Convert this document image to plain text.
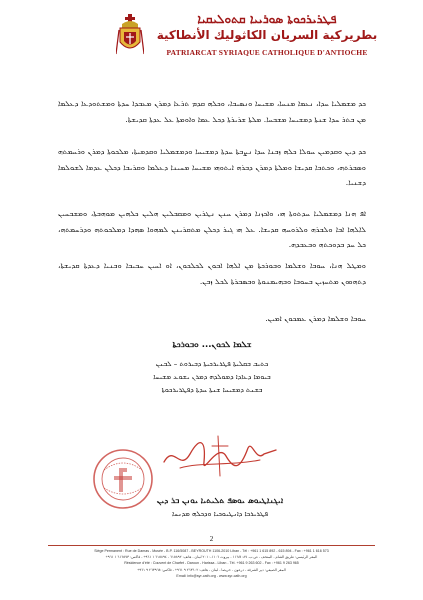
ܦܛܪܝܪܟܘܬܐ ܣܘܪܝܝܐ ܩܬܘܠܝܩܝܐ
بطريركية السريان الكاثوليك الأنطاكية
PATRIARCAT SYRIAQUE CATHOLIQUE D'ANTIOCHE
ܟܕ ܡܫܡܠܝܐ ܚܕܐ، ܢܥܡܐ ܡܢܚܐ، ܡܫܝܚܐ ܘܢܣܝܒܐ، ܘܟܠܗ ܩܕܡ ܬܪܥܐ ܕܡܪܢ ܡܥܒܕܐ ܚܕܬܐ ܘܡܫܬܘܕܥܐ ܕܥܠܡܐ ܡܢ ܒܬܪ ܚܕܐ ܫܢܬܐ ܕܡܫܝܚܐ ܡܫܒܚܐ. ܡܠܬܐ ܫܪܝܪܬܐ ܕܟܠ ܥܡܐ ܘܐܘܡܬܐ ܥܠ ܥܕܬܐ ܩܕܝܫܬܐ.
ܟܕ ܕܝܢ ܘܩܕܡܝܢ ܚܘܠܐ ܟܠܗ ܙܒܢܐ ܚܕܐ ܢܨܒܬܐ ܚܕܬܐ ܕܡܫܝܚܐ ܘܕܡܫܡܠܝܐ ܘܩܕܡܝܬܐ، ܡܠܟܘܬܐ ܕܡܪܢ ܘܪܚܡܬܗ ܘܣܒܪܬܗ، ܘܟܬܒܐ ܩܕܝܫܐ ܘܡܠܬܐ ܕܡܪܢ ܕܒܪܗ ܐܝܬܘܗܝ ܡܫܝܚܐ ܡܚܝܢܐ ܕܥܠܡܐ ܘܩܪܝܒܐ ܕܟܠܢ ܥܕܡܐ ܠܫܘܠܡܐ ܕܫܢܝܐ.
ܐܦ ܗܢܐ ܕܡܫܡܠܝܐ ܚܕܬܘܬܐ ܗܝ، ܘܐܟܙܢܐ ܕܡܪܢ ܚܢܢ ܢܛܪܝܢ ܘܡܩܒܠܝܢ ܗܠܝܢ ܟܠܗܝܢ ܡܘܗܒܬܐ، ܘܡܫܒܚܝܢ ܠܐܠܗܐ ܐܒܐ ܘܠܒܪܗ ܘܠܪܘܚܗ ܩܕܝܫܐ. ܥܠ ܗܝ ܓܝܪ ܕܟܠܢ ܡܬܩܪܝܢܢ ܠܡܗܘܐ ܣܗܕܐ ܕܡܠܟܘܬܗ ܘܕܪܚܡܬܗ، ܟܠ ܚܕ ܒܕܘܟܬܗ ܘܒܥܒܕܗ.
ܘܡܛܠ ܗܢܐ، ܚܘܒܐ ܘܫܠܡܐ ܘܒܘܪܟܬܐ ܡܢ ܐܠܗܐ ܐܒܘܢ ܠܟܠܟܘܢ، ܐܘ ܐܚܝܢ ܚܒܝܒܐ ܘܒܢܝܐ ܕܥܕܬܐ ܩܕܝܫܬܐ، ܕܬܗܘܘܢ ܡܬܚܙܝܢ ܒܚܘܒܐ ܘܒܗܝܡܢܘܬܐ ܘܒܣܒܪܬܐ ܠܟܠ ܙܒܢ.
ܚܘܒܐ ܘܫܠܡܐ ܕܡܪܢ ܥܡܟܘܢ ܐܡܝܢ.
ܫܠܡܐ ܠܟܘܢ... ܘܒܘܪܟܬܐ
ܟܬܝܒ ܒܩܠܝܬܐ ܦܛܪܝܪܟܝܬܐ ܕܒܝܪܘܬ – ܠܒܢܢ
ܒܝܘܡܐ ܕܥܐܕܐ ܕܡܘܠܕܗ ܕܡܪܢ ܝܫܘܥ ܡܫܝܚܐ
ܒܫܢܬ ܕܡܫܝܚܐ ܫܢܬܐ ܚܕܬܐ ܕܦܛܪܝܪܟܘܬܐ
ܐܝܓܢܐܛܝܘܣ ܝܘܣܦ ܬܠܝܬܝܐ ܝܘܢܢ ܒܪ ܕܝܢ
ܦܛܪܝܪܟܐ ܕܐܢܛܝܘܟܝܐ ܘܕܟܠܗ ܡܕܢܚܐ
2
Siège Permanent : Rue de Damas - Musée - B.P. 116/5087 - BEYROUTH 1106-2010 Liban - Tél : +961 1 615 892 - 615 894 - Fax : +961 1 616 573
المقر الرئيسي: طريق الشام - المتحف - ص.ب. ١١٦/٥٠٨٧ - بيروت ١١٠٦-٢٠١٠ لبنان - هاتف: ٦١٥٨٩٢ - ٦١٥٨٩٤ ١ ٩٦١+ - فاكس: ٦١٦٥٧٣ ١ ٩٦١+
Résidence d'été : Couvent de Charfet - Daroun - Harissa - Liban - Tél. +961 9 263 602 - Fax : +961 9 263 965
المقر الصيفي: دير الشرفة - درعون - حريصا - لبنان - هاتف: ٢٦٣٦٠٢ ٩ ٩٦١+ - فاكس: ٢٦٣٩٦٥ ٩ ٩٦١+
Email: info@syr-cath.org - www.syr-cath.org
